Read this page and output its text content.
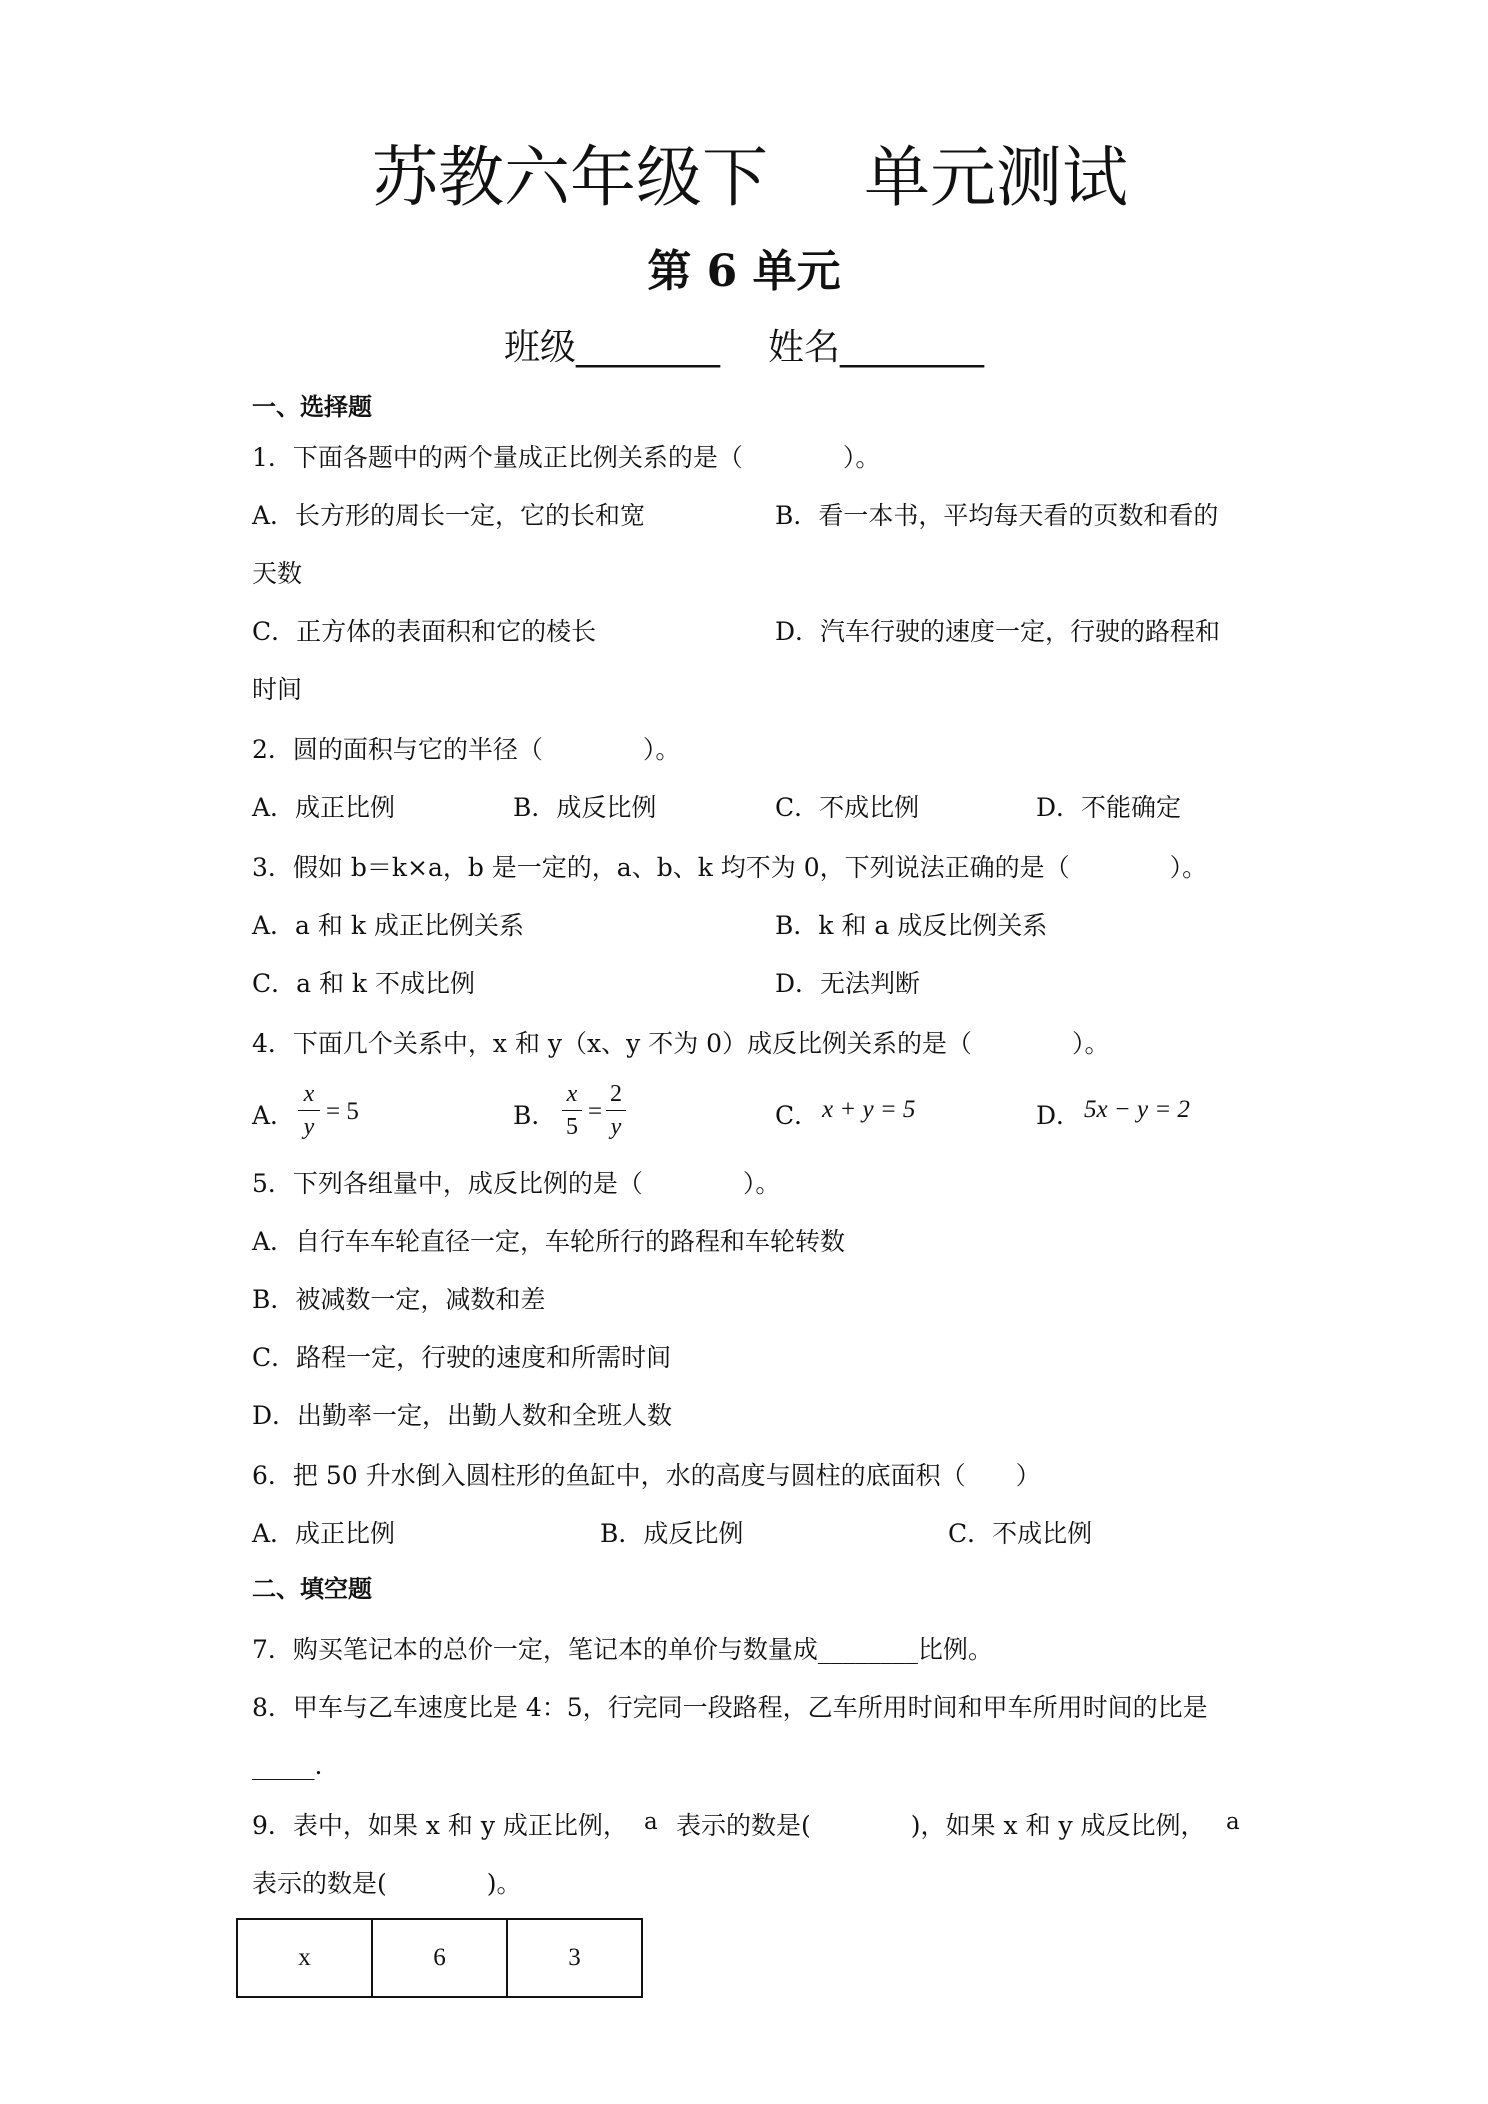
苏教六年级下 单元测试
第 6 单元
班级________ 姓名________
一、选择题
1．下面各题中的两个量成正比例关系的是（　　　　）。
A．长方形的周长一定，它的长和宽	B．看一本书，平均每天看的页数和看的
天数
C．正方体的表面积和它的棱长	D．汽车行驶的速度一定，行驶的路程和
时间
2．圆的面积与它的半径（　　　　）。
A．成正比例	B．成反比例	C．不成比例	D．不能确定
3．假如 b＝k×a，b 是一定的，a、b、k 均不为 0，下列说法正确的是（　　　　）。
A．a 和 k 成正比例关系	B．k 和 a 成反比例关系
C．a 和 k 不成比例	D．无法判断
4．下面几个关系中，x 和 y（x、y 不为 0）成反比例关系的是（　　　　）。
A．
x
y
= 5	B．
x
5
=
2
y	C． x + y = 5	D． 5x − y = 2
5．下列各组量中，成反比例的是（　　　　）。
A．自行车车轮直径一定，车轮所行的路程和车轮转数
B．被减数一定，减数和差
C．路程一定，行驶的速度和所需时间
D．出勤率一定，出勤人数和全班人数
6．把 50 升水倒入圆柱形的鱼缸中，水的高度与圆柱的底面积（　　）
A．成正比例	B．成反比例	C．不成比例
二、填空题
7．购买笔记本的总价一定，笔记本的单价与数量成________比例。
8．甲车与乙车速度比是 4：5，行完同一段路程，乙车所用时间和甲车所用时间的比是
_____.
9．表中，如果 x 和 y 成正比例， a 表示的数是(　　　　)，如果 x 和 y 成反比例， a
表示的数是(　　　　)。
x	6	3
